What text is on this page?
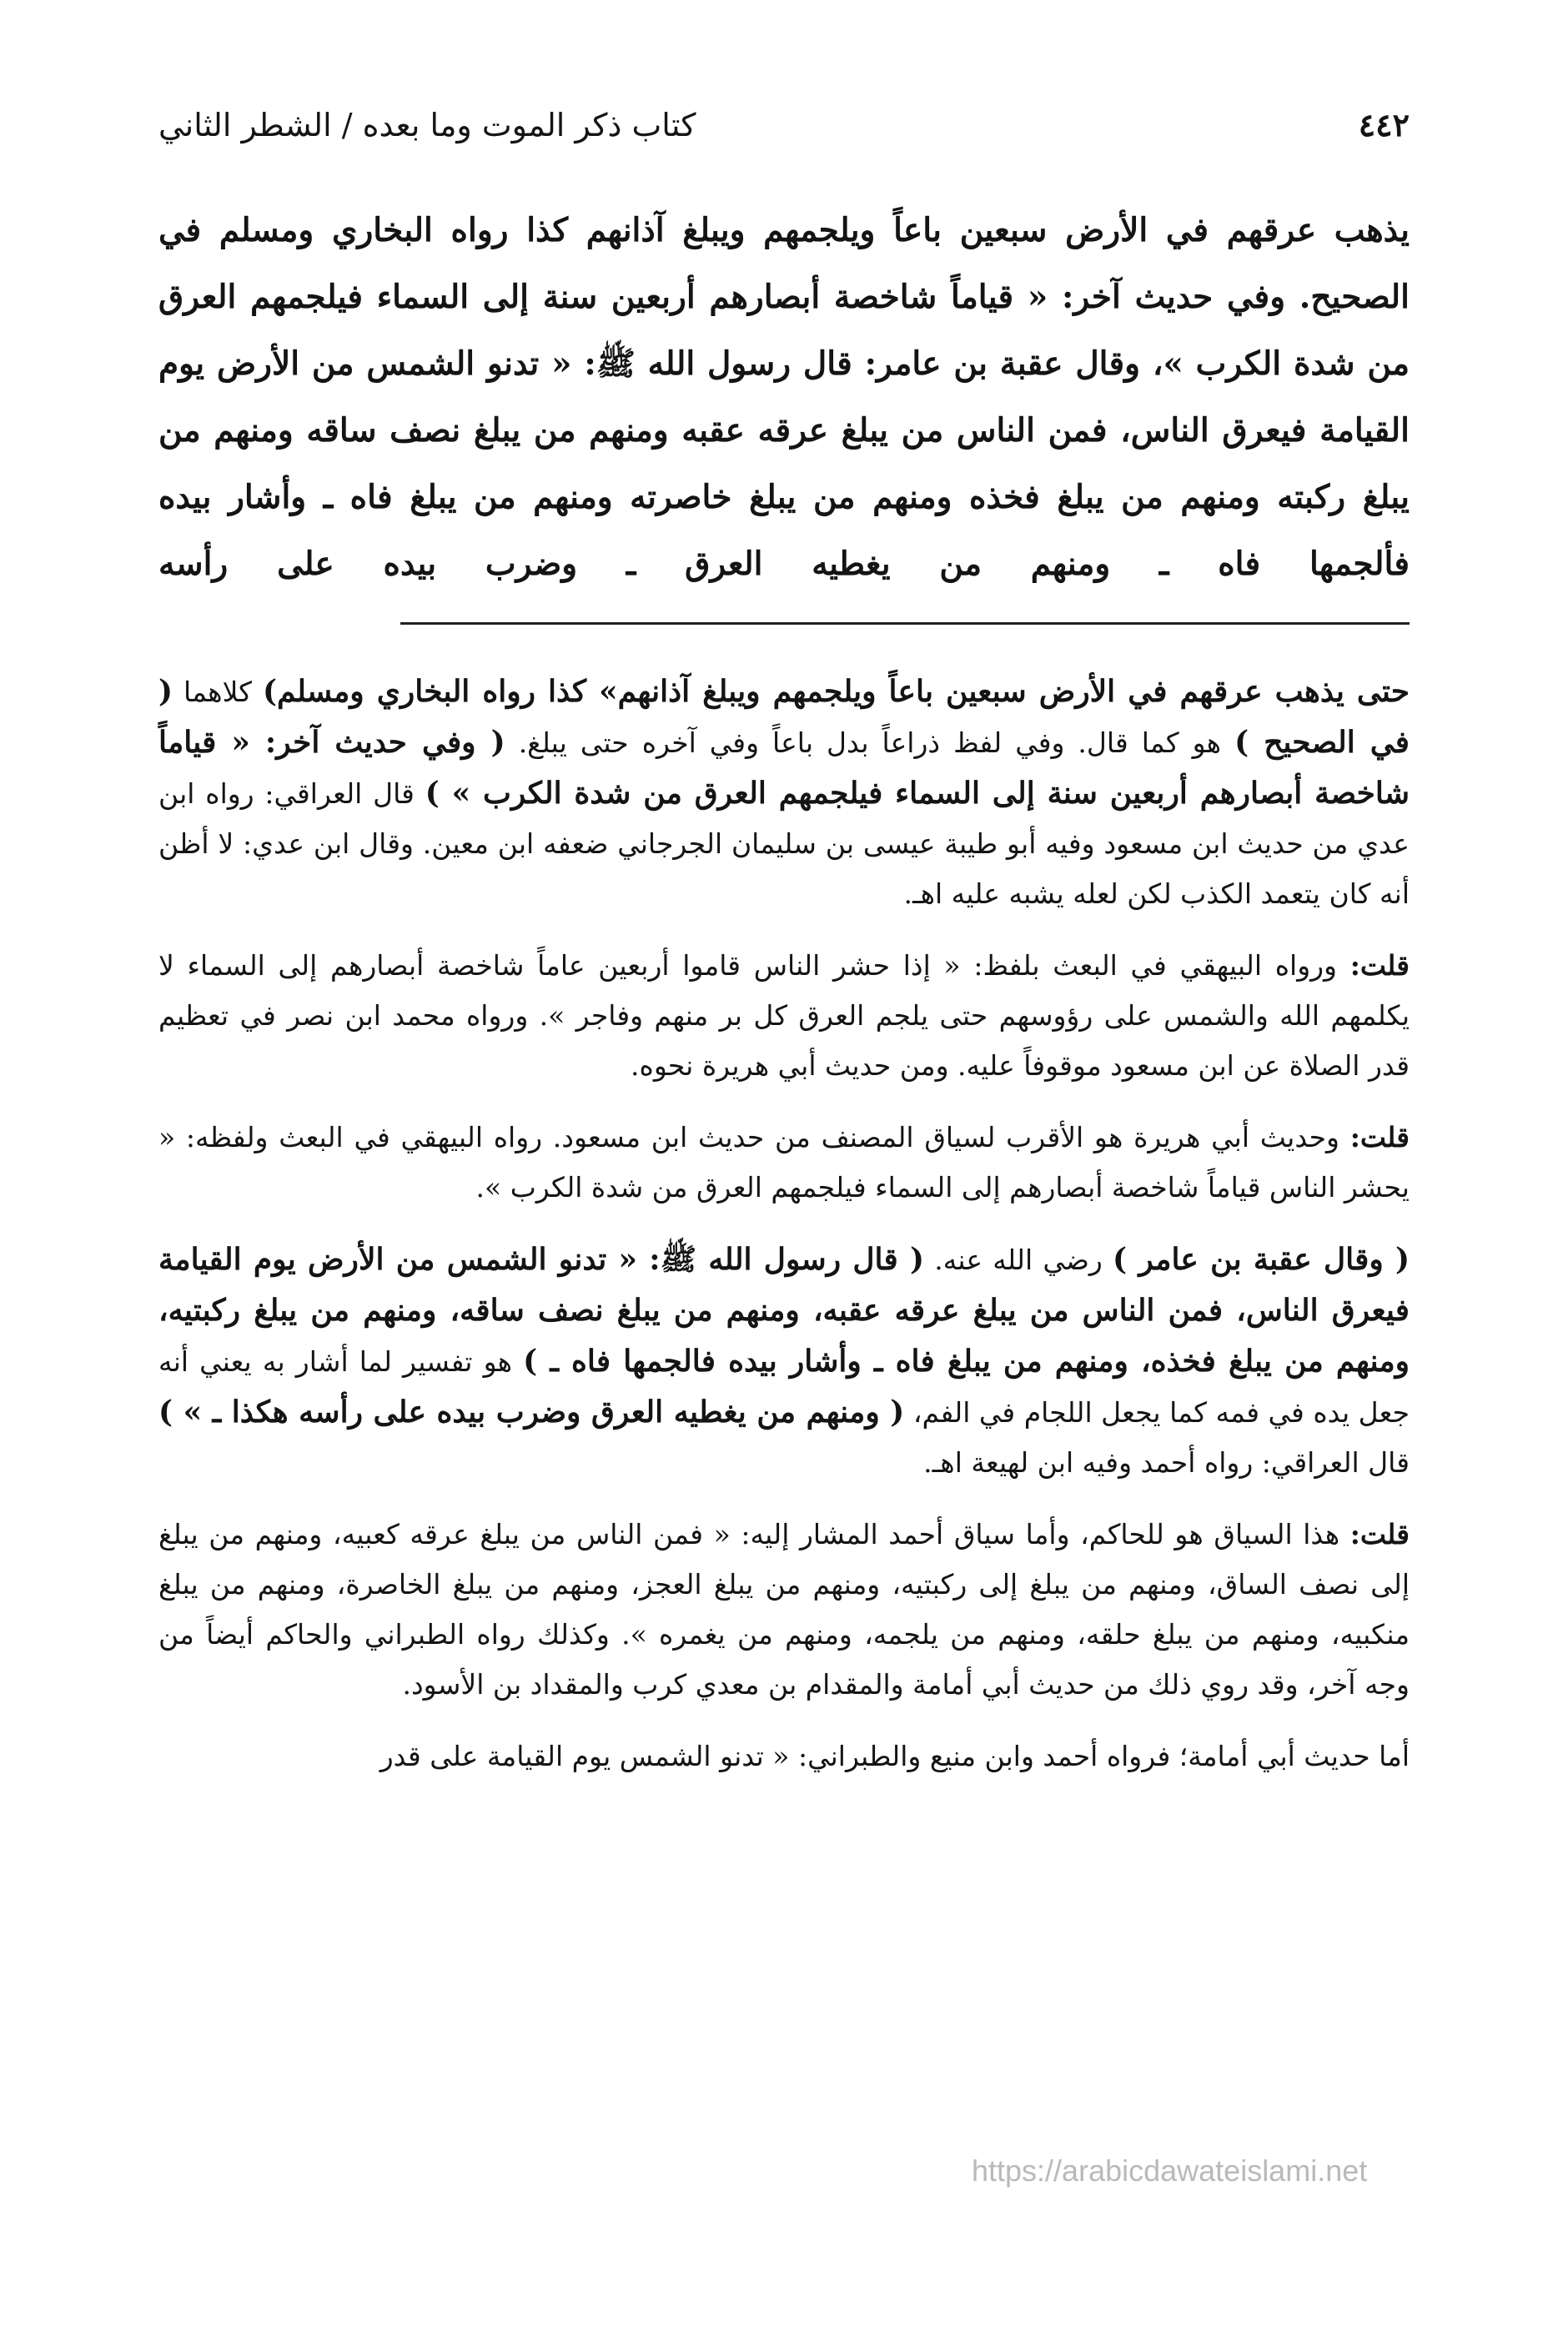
٤٤٢
كتاب ذكر الموت وما بعده / الشطر الثاني

يذهب عرقهم في الأرض سبعين باعاً ويلجمهم ويبلغ آذانهم كذا رواه البخاري ومسلم في الصحيح. وفي حديث آخر: « قياماً شاخصة أبصارهم أربعين سنة إلى السماء فيلجمهم العرق من شدة الكرب »، وقال عقبة بن عامر: قال رسول الله ﷺ: « تدنو الشمس من الأرض يوم القيامة فيعرق الناس، فمن الناس من يبلغ عرقه عقبه ومنهم من يبلغ نصف ساقه ومنهم من يبلغ ركبته ومنهم من يبلغ فخذه ومنهم من يبلغ خاصرته ومنهم من يبلغ فاه ـ وأشار بيده فألجمها فاه ـ ومنهم من يغطيه العرق ـ وضرب بيده على رأسه

حتى يذهب عرقهم في الأرض سبعين باعاً ويلجمهم ويبلغ آذانهم» كذا رواه البخاري ومسلم) كلاهما ( في الصحيح ) هو كما قال. وفي لفظ ذراعاً بدل باعاً وفي آخره حتى يبلغ. ( وفي حديث آخر: « قياماً شاخصة أبصارهم أربعين سنة إلى السماء فيلجمهم العرق من شدة الكرب » ) قال العراقي: رواه ابن عدي من حديث ابن مسعود وفيه أبو طيبة عيسى بن سليمان الجرجاني ضعفه ابن معين. وقال ابن عدي: لا أظن أنه كان يتعمد الكذب لكن لعله يشبه عليه اهـ.

قلت: ورواه البيهقي في البعث بلفظ: « إذا حشر الناس قاموا أربعين عاماً شاخصة أبصارهم إلى السماء لا يكلمهم الله والشمس على رؤوسهم حتى يلجم العرق كل بر منهم وفاجر ». ورواه محمد ابن نصر في تعظيم قدر الصلاة عن ابن مسعود موقوفاً عليه. ومن حديث أبي هريرة نحوه.

قلت: وحديث أبي هريرة هو الأقرب لسياق المصنف من حديث ابن مسعود. رواه البيهقي في البعث ولفظه: « يحشر الناس قياماً شاخصة أبصارهم إلى السماء فيلجمهم العرق من شدة الكرب ».

( وقال عقبة بن عامر ) رضي الله عنه. ( قال رسول الله ﷺ: « تدنو الشمس من الأرض يوم القيامة فيعرق الناس، فمن الناس من يبلغ عرقه عقبه، ومنهم من يبلغ نصف ساقه، ومنهم من يبلغ ركبتيه، ومنهم من يبلغ فخذه، ومنهم من يبلغ فاه ـ وأشار بيده فالجمها فاه ـ ) هو تفسير لما أشار به يعني أنه جعل يده في فمه كما يجعل اللجام في الفم، ( ومنهم من يغطيه العرق وضرب بيده على رأسه هكذا ـ » ) قال العراقي: رواه أحمد وفيه ابن لهيعة اهـ.

قلت: هذا السياق هو للحاكم، وأما سياق أحمد المشار إليه: « فمن الناس من يبلغ عرقه كعبيه، ومنهم من يبلغ إلى نصف الساق، ومنهم من يبلغ إلى ركبتيه، ومنهم من يبلغ العجز، ومنهم من يبلغ الخاصرة، ومنهم من يبلغ منكبيه، ومنهم من يبلغ حلقه، ومنهم من يلجمه، ومنهم من يغمره ». وكذلك رواه الطبراني والحاكم أيضاً من وجه آخر، وقد روي ذلك من حديث أبي أمامة والمقدام بن معدي كرب والمقداد بن الأسود.

أما حديث أبي أمامة؛ فرواه أحمد وابن منيع والطبراني: « تدنو الشمس يوم القيامة على قدر

https://arabicdawateislami.net
